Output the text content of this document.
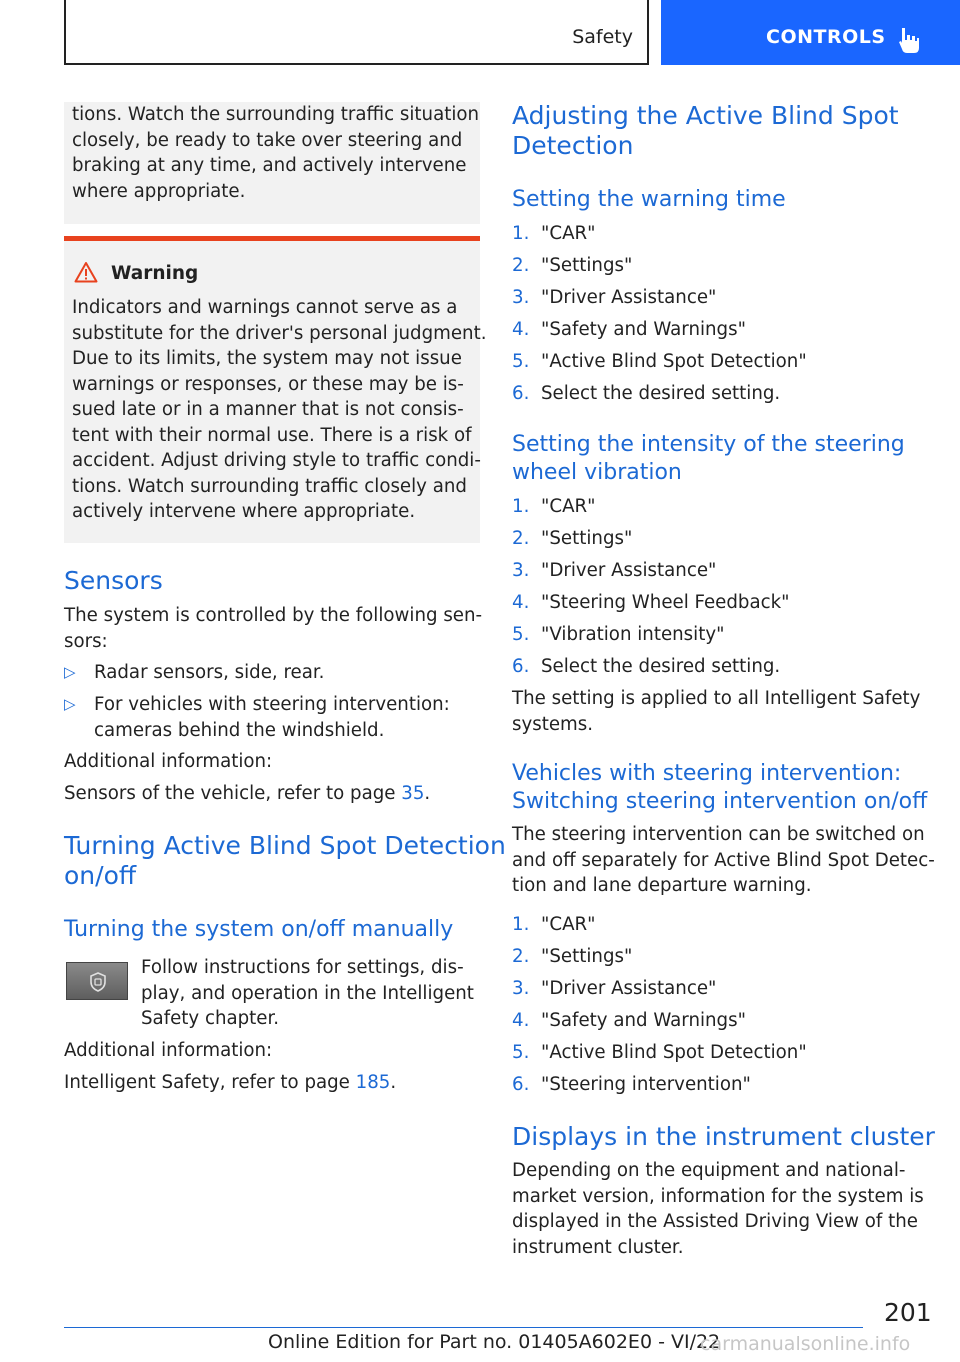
Safety	CONTROLS
tions. Watch the surrounding traffic situation
closely, be ready to take over steering and
braking at any time, and actively intervene
where appropriate.
Warning
Indicators and warnings cannot serve as a
substitute for the driver's personal judgment.
Due to its limits, the system may not issue
warnings or responses, or these may be is-
sued late or in a manner that is not consis-
tent with their normal use. There is a risk of
accident. Adjust driving style to traffic condi-
tions. Watch surrounding traffic closely and
actively intervene where appropriate.
Sensors
The system is controlled by the following sen-
sors:
▷ Radar sensors, side, rear.
▷ For vehicles with steering intervention:
cameras behind the windshield.
Additional information:
Sensors of the vehicle, refer to page 35.
Turning Active Blind Spot Detection
on/off
Turning the system on/off manually
Follow instructions for settings, dis-
play, and operation in the Intelligent
Safety chapter.
Additional information:
Intelligent Safety, refer to page 185.
Adjusting the Active Blind Spot
Detection
Setting the warning time
1. "CAR"
2. "Settings"
3. "Driver Assistance"
4. "Safety and Warnings"
5. "Active Blind Spot Detection"
6. Select the desired setting.
Setting the intensity of the steering
wheel vibration
1. "CAR"
2. "Settings"
3. "Driver Assistance"
4. "Steering Wheel Feedback"
5. "Vibration intensity"
6. Select the desired setting.
The setting is applied to all Intelligent Safety
systems.
Vehicles with steering intervention:
Switching steering intervention on/off
The steering intervention can be switched on
and off separately for Active Blind Spot Detec-
tion and lane departure warning.
1. "CAR"
2. "Settings"
3. "Driver Assistance"
4. "Safety and Warnings"
5. "Active Blind Spot Detection"
6. "Steering intervention"
Displays in the instrument cluster
Depending on the equipment and national-
market version, information for the system is
displayed in the Assisted Driving View of the
instrument cluster.
201
Online Edition for Part no. 01405A602E0 - VI/22
carmanualsonline.info
